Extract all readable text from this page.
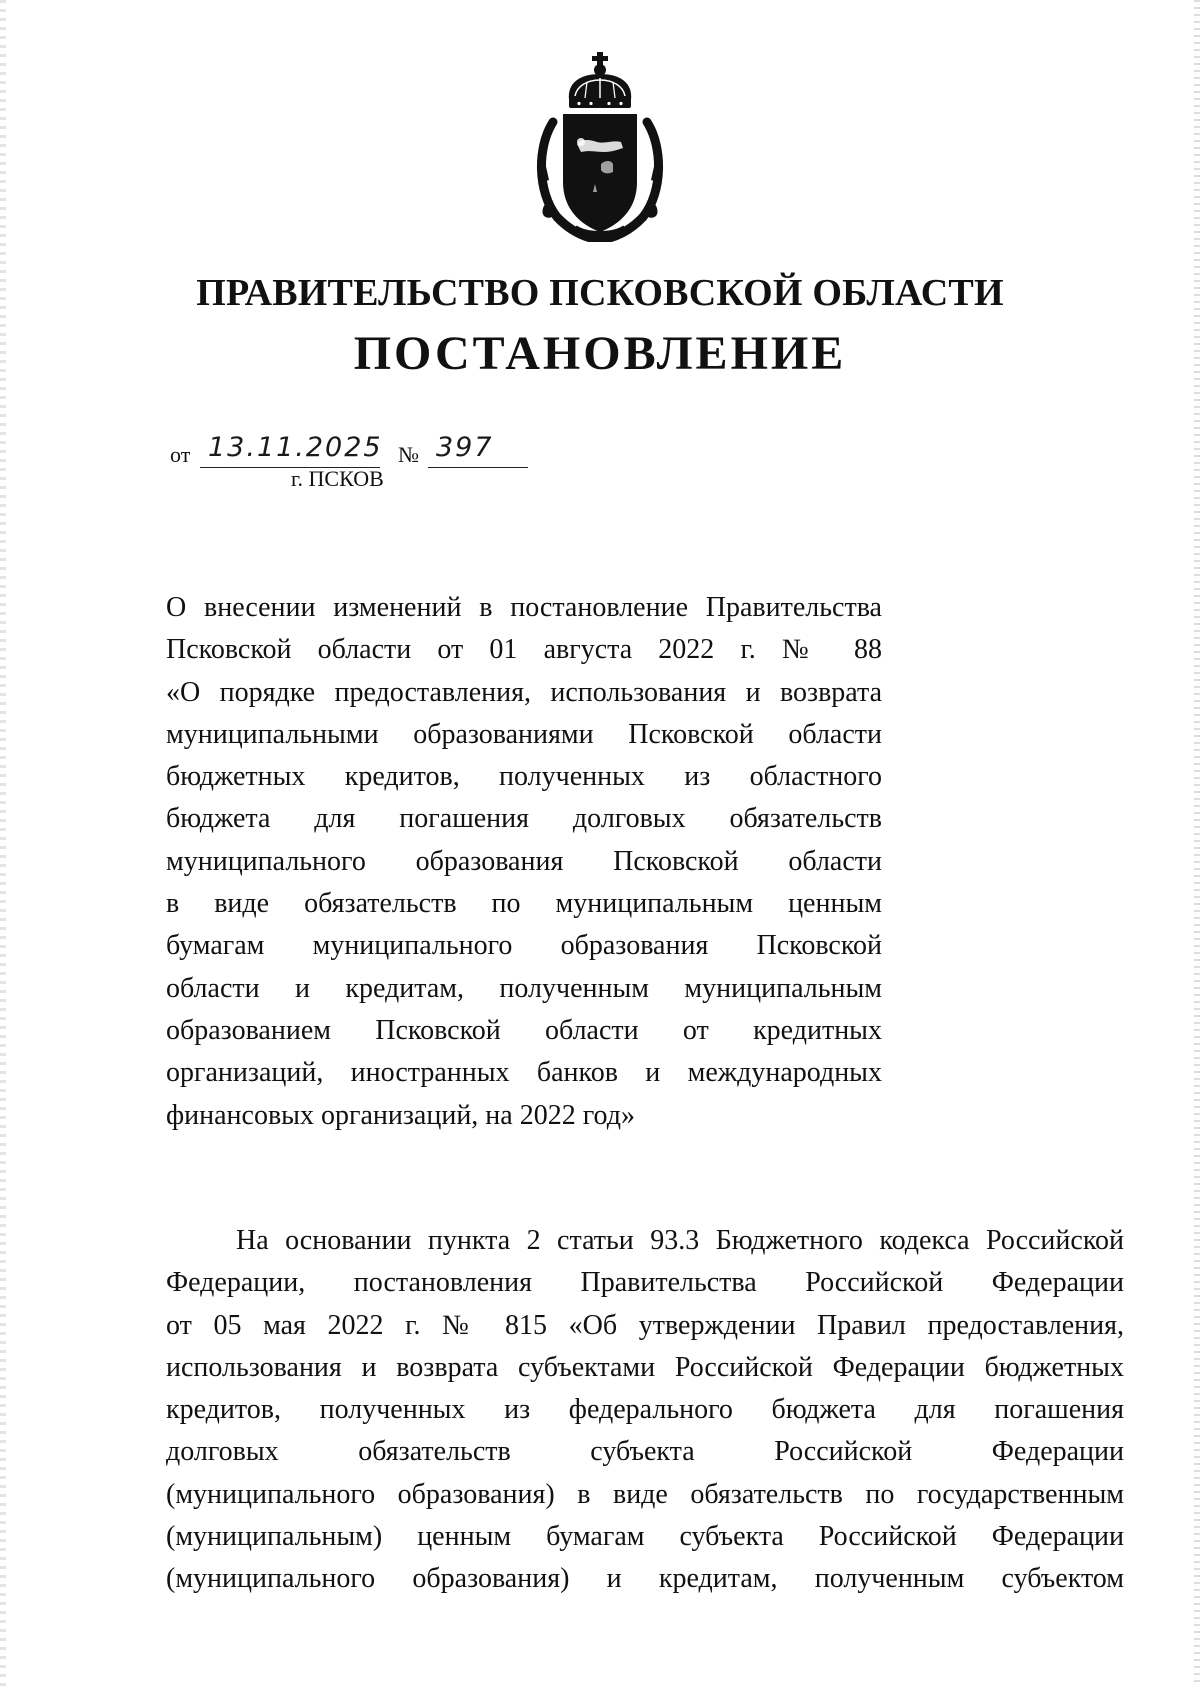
ПРАВИТЕЛЬСТВО ПСКОВСКОЙ ОБЛАСТИ
ПОСТАНОВЛЕНИЕ
от 13.11.2025 № 397
г. ПСКОВ
О внесении изменений в постановление Правительства
Псковской области от 01 августа 2022 г. № 88
«О порядке предоставления, использования и возврата
муниципальными образованиями Псковской области
бюджетных кредитов, полученных из областного
бюджета для погашения долговых обязательств
муниципального образования Псковской области
в виде обязательств по муниципальным ценным
бумагам муниципального образования Псковской
области и кредитам, полученным муниципальным
образованием Псковской области от кредитных
организаций, иностранных банков и международных
финансовых организаций, на 2022 год»
На основании пункта 2 статьи 93.3 Бюджетного кодекса Российской
Федерации, постановления Правительства Российской Федерации
от 05 мая 2022 г. № 815 «Об утверждении Правил предоставления,
использования и возврата субъектами Российской Федерации бюджетных
кредитов, полученных из федерального бюджета для погашения
долговых обязательств субъекта Российской Федерации
(муниципального образования) в виде обязательств по государственным
(муниципальным) ценным бумагам субъекта Российской Федерации
(муниципального образования) и кредитам, полученным субъектом
